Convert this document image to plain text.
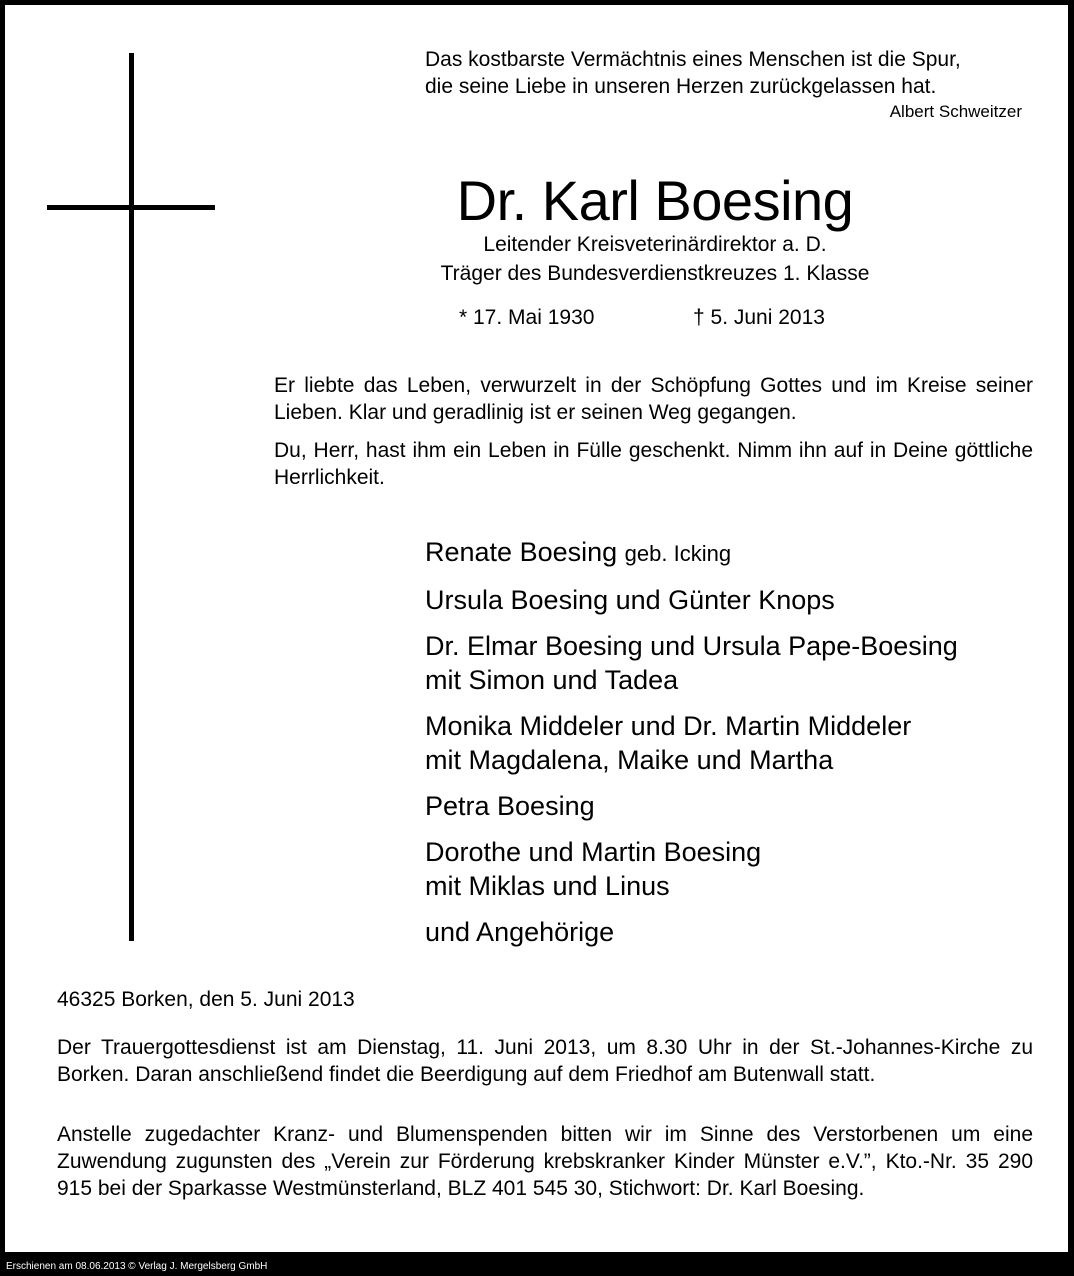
Das kostbarste Vermächtnis eines Menschen ist die Spur,
die seine Liebe in unseren Herzen zurückgelassen hat.
Albert Schweitzer
Dr. Karl Boesing
Leitender Kreisveterinärdirektor a. D.
Träger des Bundesverdienstkreuzes 1. Klasse
* 17. Mai 1930	† 5. Juni 2013
Er liebte das Leben, verwurzelt in der Schöpfung Gottes und im Kreise seiner Lieben. Klar und geradlinig ist er seinen Weg gegangen.
Du, Herr, hast ihm ein Leben in Fülle geschenkt. Nimm ihn auf in Deine göttliche Herrlichkeit.
Renate Boesing geb. Icking
Ursula Boesing und Günter Knops
Dr. Elmar Boesing und Ursula Pape-Boesing
mit Simon und Tadea
Monika Middeler und Dr. Martin Middeler
mit Magdalena, Maike und Martha
Petra Boesing
Dorothe und Martin Boesing
mit Miklas und Linus
und Angehörige
46325 Borken, den 5. Juni 2013
Der Trauergottesdienst ist am Dienstag, 11. Juni 2013, um 8.30 Uhr in der St.-Johannes-Kirche zu Borken. Daran anschließend findet die Beerdigung auf dem Friedhof am Butenwall statt.
Anstelle zugedachter Kranz- und Blumenspenden bitten wir im Sinne des Verstorbenen um eine Zuwendung zugunsten des „Verein zur Förderung krebskranker Kinder Münster e.V.”, Kto.-Nr. 35 290 915 bei der Sparkasse Westmünsterland, BLZ 401 545 30, Stichwort: Dr. Karl Boesing.
Erschienen am 08.06.2013 © Verlag J. Mergelsberg GmbH
